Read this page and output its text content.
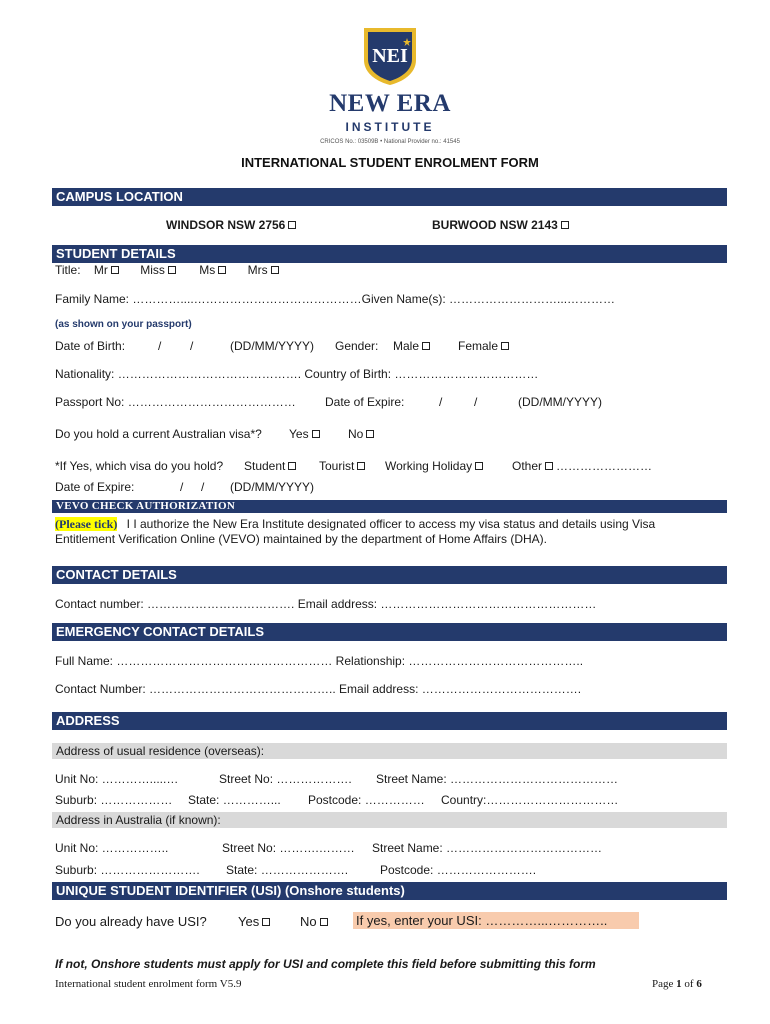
NEI
NEW ERA
INSTITUTE
CRICOS No.: 03509B • National Provider no.: 41545
INTERNATIONAL STUDENT ENROLMENT FORM
CAMPUS LOCATION
WINDSOR NSW 2756	BURWOOD NSW 2143
STUDENT DETAILS
Title: Mr	Miss	Ms	Mrs
Family Name: …………....……………………………………Given Name(s): ………………………...…………
(as shown on your passport)
Date of Birth:	/ /	(DD/MM/YYYY) Gender: Male	Female
Nationality: ………………………………………. Country of Birth: ………………………………
Passport No: …………………………………… Date of Expire:	/	/	(DD/MM/YYYY)
Do you hold a current Australian visa*? Yes	No
*If Yes, which visa do you hold? Student	Tourist	Working Holiday	Other ……………………
Date of Expire:	/ / (DD/MM/YYYY)
VEVO CHECK AUTHORIZATION
(Please tick) I I authorize the New Era Institute designated officer to access my visa status and details using Visa
Entitlement Verification Online (VEVO) maintained by the department of Home Affairs (DHA).
CONTACT DETAILS
Contact number: ………………………………. Email address: ………………………………………………
EMERGENCY CONTACT DETAILS
Full Name: ……………………………………………… Relationship: ……………………………………..
Contact Number: ……………………………………….. Email address: ………………………………….
ADDRESS
Address of usual residence (overseas):
Unit No: ………….....…	Street No: ………………. Street Name: ……………………………………
Suburb: ……………… State: …………... Postcode: …………… Country:……………………………
Address in Australia (if known):
Unit No: ……………..	Street No: ……….……… Street Name: …………………………………
Suburb: ……………………. State: ………………….	Postcode: …………………….
UNIQUE STUDENT IDENTIFIER (USI) (Onshore students)
Do you already have USI? Yes	No	If yes, enter your USI: …………...…………..
If not, Onshore students must apply for USI and complete this field before submitting this form
International student enrolment form V5.9	Page 1 of 6
